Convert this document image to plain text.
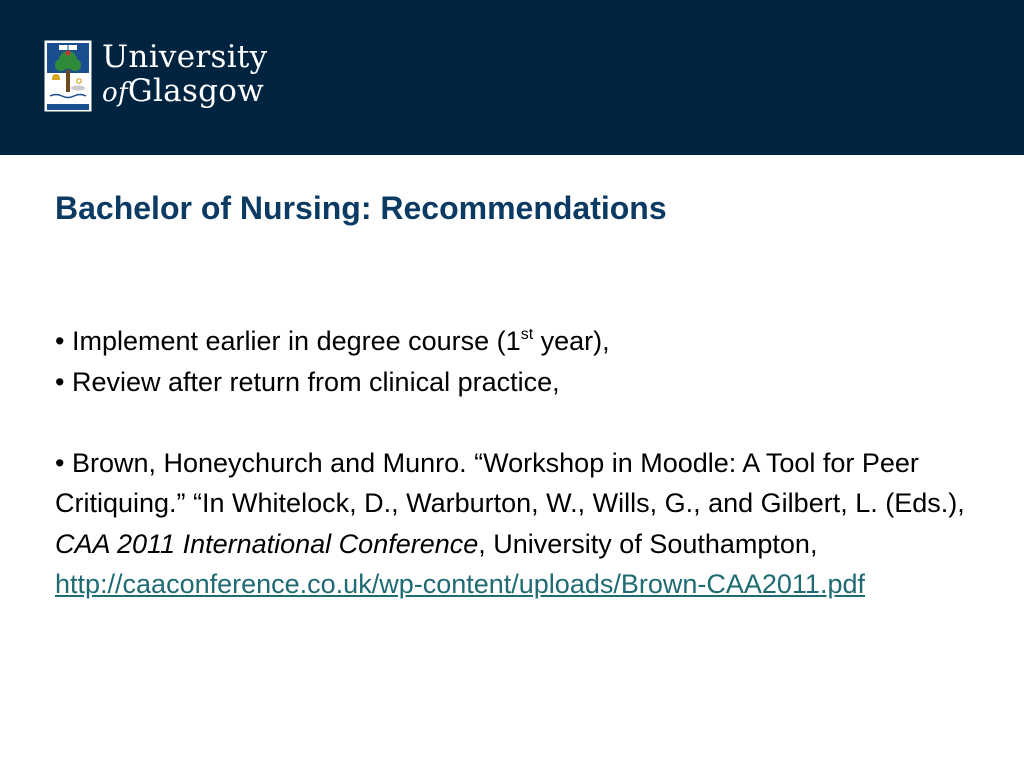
University
ofGlasgow
Bachelor of Nursing: Recommendations

• Implement earlier in degree course (1st year),

• Review after return from clinical practice,

• Brown, Honeychurch and Munro. “Workshop in Moodle: A Tool for Peer Critiquing.” “In Whitelock, D., Warburton, W., Wills, G., and Gilbert, L. (Eds.), CAA 2011 International Conference, University of Southampton, http://caaconference.co.uk/wp-content/uploads/Brown-CAA2011.pdf
